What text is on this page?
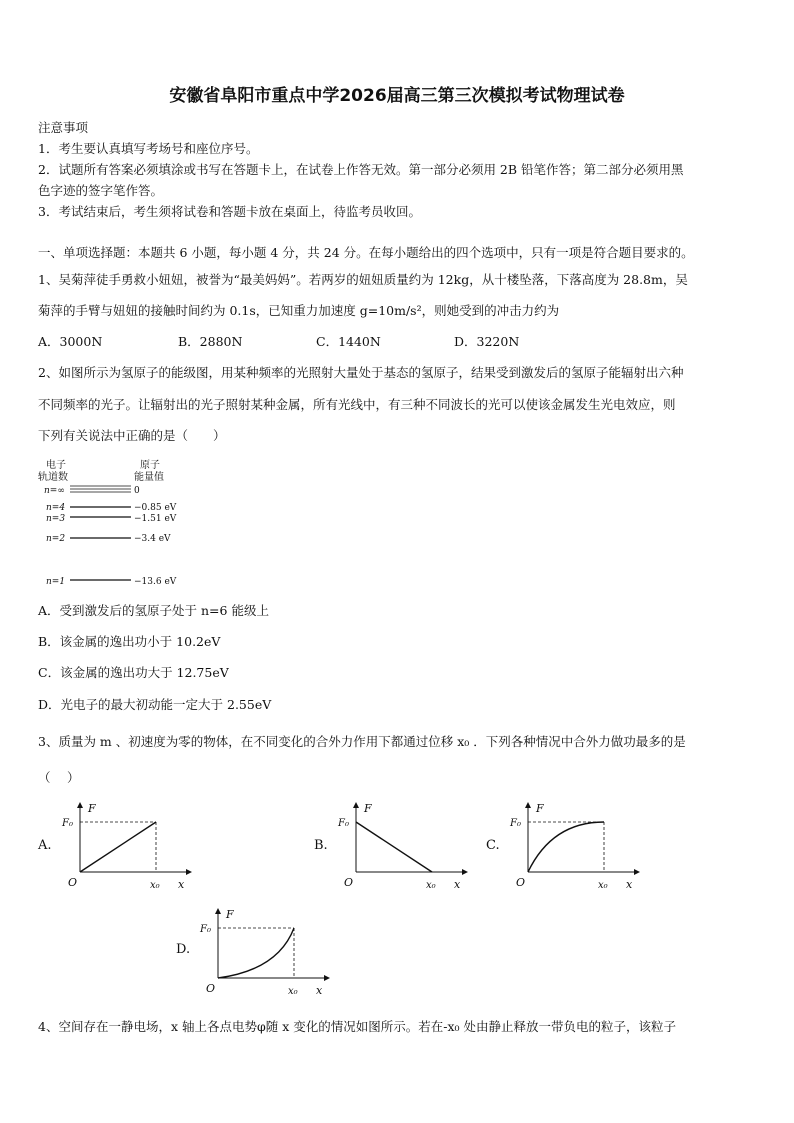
安徽省阜阳市重点中学2026届高三第三次模拟考试物理试卷
注意事项
1．考生要认真填写考场号和座位序号。
2．试题所有答案必须填涂或书写在答题卡上，在试卷上作答无效。第一部分必须用 2B 铅笔作答；第二部分必须用黑
色字迹的签字笔作答。
3．考试结束后，考生须将试卷和答题卡放在桌面上，待监考员收回。
一、单项选择题：本题共 6 小题，每小题 4 分，共 24 分。在每小题给出的四个选项中，只有一项是符合题目要求的。
1、吴菊萍徒手勇救小妞妞，被誉为“最美妈妈”。若两岁的妞妞质量约为 12kg，从十楼坠落，下落高度为 28.8m，吴
菊萍的手臂与妞妞的接触时间约为 0.1s，已知重力加速度 g=10m/s²，则她受到的冲击力约为
A．3000N	B．2880N	C．1440N	D．3220N
2、如图所示为氢原子的能级图，用某种频率的光照射大量处于基态的氢原子，结果受到激发后的氢原子能辐射出六种
不同频率的光子。让辐射出的光子照射某种金属，所有光线中，有三种不同波长的光可以使该金属发生光电效应，则
下列有关说法中正确的是（　　）
电子
轨道数
原子
能量值
n=∞	0
n=4	−0.85 eV
n=3	−1.51 eV
n=2	−3.4 eV
n=1	−13.6 eV
A．受到激发后的氢原子处于 n=6 能级上
B．该金属的逸出功小于 10.2eV
C．该金属的逸出功大于 12.75eV
D．光电子的最大初动能一定大于 2.55eV
3、质量为 m 、初速度为零的物体，在不同变化的合外力作用下都通过位移 x₀ ．下列各种情况中合外力做功最多的是
（　 ）
A.
F
F₀
O	x₀ x
B.
F
F₀
O	x₀ x
C.
F
F₀
O	x₀ x
D.
F
F₀
O	x₀ x
4、空间存在一静电场，x 轴上各点电势φ随 x 变化的情况如图所示。若在-x₀ 处由静止释放一带负电的粒子，该粒子
